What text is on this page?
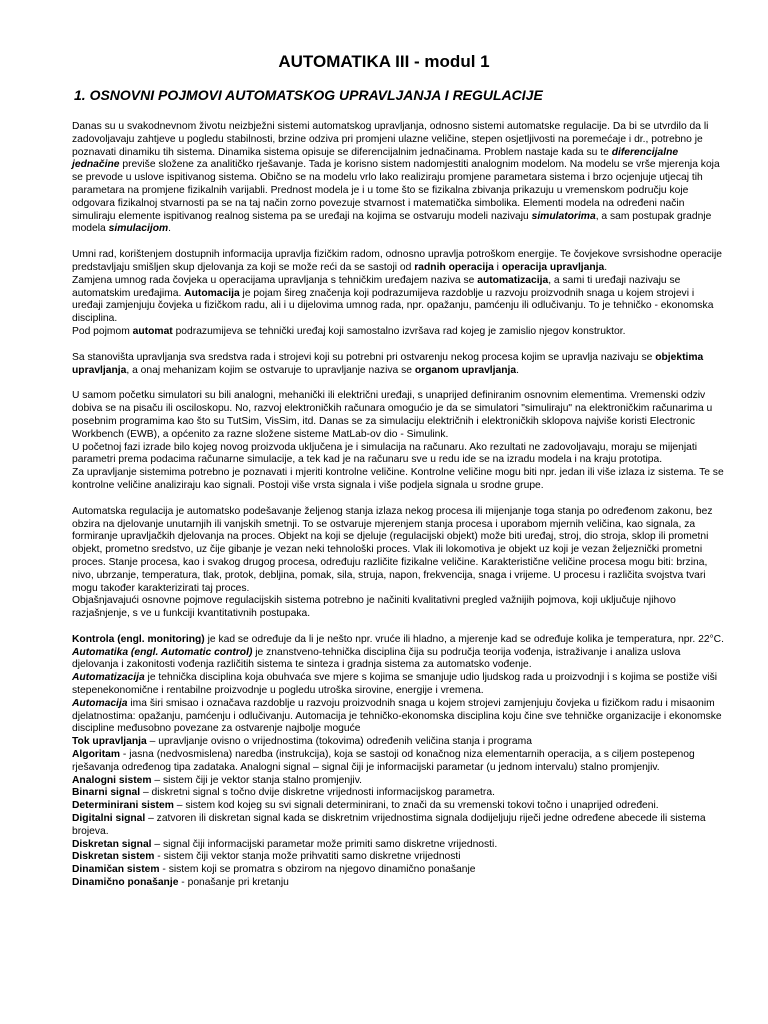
AUTOMATIKA III - modul 1
1. OSNOVNI POJMOVI AUTOMATSKOG UPRAVLJANJA I REGULACIJE

Danas su u svakodnevnom životu neizbježni sistemi automatskog upravljanja, odnosno sistemi automatske regulacije. Da bi se utvrdilo da li zadovoljavaju zahtjeve u pogledu stabilnosti, brzine odziva pri promjeni ulazne veličine, stepen osjetljivosti na poremećaje i dr., potrebno je poznavati dinamiku tih sistema. Dinamika sistema opisuje se diferencijalnim jednačinama. Problem nastaje kada su te diferencijalne jednačine previše složene za analitičko rješavanje. Tada je korisno sistem nadomjestiti analognim modelom. Na modelu se vrše mjerenja koja se prevode u uslove ispitivanog sistema. Obično se na modelu vrlo lako realiziraju promjene parametara sistema i brzo ocjenjuje utjecaj tih parametara na promjene fizikalnih varijabli. Prednost modela je i u tome što se fizikalna zbivanja prikazuju u vremenskom području koje odgovara fizikalnoj stvarnosti pa se na taj način zorno povezuje stvarnost i matematička simbolika. Elementi modela na određeni način simuliraju elemente ispitivanog realnog sistema pa se uređaji na kojima se ostvaruju modeli nazivaju simulatorima, a sam postupak gradnje modela simulacijom.

Umni rad, korištenjem dostupnih informacija upravlja fizičkim radom, odnosno upravlja potroškom energije. Te čovjekove svrsishodne operacije predstavljaju smišljen skup djelovanja za koji se može reći da se sastoji od radnih operacija i operacija upravljanja.

Zamjena umnog rada čovjeka u operacijama upravljanja s tehničkim uređajem naziva se automatizacija, a sami ti uređaji nazivaju se automatskim uređajima. Automacija je pojam šireg značenja koji podrazumijeva razdoblje u razvoju proizvodnih snaga u kojem strojevi i uređaji zamjenjuju čovjeka u fizičkom radu, ali i u dijelovima umnog rada, npr. opažanju, pamćenju ili odlučivanju. To je tehničko - ekonomska disciplina.

Pod pojmom automat podrazumijeva se tehnički uređaj koji samostalno izvršava rad kojeg je zamislio njegov konstruktor.

Sa stanovišta upravljanja sva sredstva rada i strojevi koji su potrebni pri ostvarenju nekog procesa kojim se upravlja nazivaju se objektima upravljanja, a onaj mehanizam kojim se ostvaruje to upravljanje naziva se organom upravljanja.

U samom početku simulatori su bili analogni, mehanički ili električni uređaji, s unapriјed definiranim osnovnim elementima. Vremenski odziv dobiva se na pisaču ili osciloskopu. No, razvoj elektroničkih računara omogućio je da se simulatori "simuliraju" na elektroničkim računarima u posebnim programima kao što su TutSim, VisSim, itd. Danas se za simulaciju električnih i elektroničkih sklopova najviše koristi Electronic Workbench (EWB), a općenito za razne složene sisteme MatLab-ov dio - Simulink.

U početnoj fazi izrade bilo kojeg novog proizvoda uključena je i simulacija na računaru. Ako rezultati ne zadovoljavaju, moraju se mijenjati parametri prema podacima računarne simulacije, a tek kad je na računaru sve u redu ide se na izradu modela i na kraju prototipa.

Za upravljanje sistemima potrebno je poznavati i mjeriti kontrolne veličine. Kontrolne veličine mogu biti npr. jedan ili više izlaza iz sistema. Te se kontrolne veličine analiziraju kao signali. Postoji više vrsta signala i više podjela signala u srodne grupe.

Automatska regulacija je automatsko podešavanje željenog stanja izlaza nekog procesa ili mijenjanje toga stanja po određenom zakonu, bez obzira na djelovanje unutarnjih ili vanjskih smetnji. To se ostvaruje mjerenjem stanja procesa i uporabom mjernih veličina, kao signala, za formiranje upravljačkih djelovanja na proces. Objekt na koji se djeluje (regulacijski objekt) može biti uređaj, stroj, dio stroja, sklop ili prometni objekt, prometno sredstvo, uz čije gibanje je vezan neki tehnološki proces. Vlak ili lokomotiva je objekt uz koji je vezan željeznički prometni proces. Stanje procesa, kao i svakog drugog procesa, određuju različite fizikalne veličine. Karakteristične veličine procesa mogu biti: brzina, nivo, ubrzanje, temperatura, tlak, protok, debljina, pomak, sila, struja, napon, frekvencija, snaga i vrijeme. U procesu i različita svojstva tvari mogu također karakterizirati taj proces.

Objašnjavajući osnovne pojmove regulacijskih sistema potrebno je načiniti kvalitativni pregled važnijih pojmova, koji uključuje njihovo razjašnjenje, s ve u funkciji kvantitativnih postupaka.

Kontrola (engl. monitoring) je kad se određuje da li je nešto npr. vruće ili hladno, a mjerenje kad se određuje kolika je temperatura, npr. 22°C.

Automatika (engl. Automatic control) je znanstveno-tehnička disciplina čija su područja teorija vođenja, istraživanje i analiza uslova djelovanja i zakonitosti vođenja različitih sistema te sinteza i gradnja sistema za automatsko vođenje.

Automatizacija je tehnička disciplina koja obuhvaća sve mjere s kojima se smanjuje udio ljudskog rada u proizvodnji i s kojima se postiže viši stepenekonomične i rentabilne proizvodnje u pogledu utroška sirovine, energije i vremena.

Automacija ima širi smisao i označava razdoblje u razvoju proizvodnih snaga u kojem strojevi zamjenjuju čovjeka u fizičkom radu i misaonim djelatnostima: opažanju, pamćenju i odlučivanju. Automacija je tehničko-ekonomska disciplina koju čine sve tehničke organizacije i ekonomske discipline međusobno povezane za ostvarenje najbolje moguće

Tok upravljanja – upravljanje ovisno o vrijednostima (tokovima) određenih veličina stanja i programa

Algoritam - jasna (nedvosmislena) naredba (instrukcija), koja se sastoji od konačnog niza elementarnih operacija, a s ciljem postepenog rješavanja određenog tipa zadataka. Analogni signal – signal čiji je informacijski parametar (u jednom intervalu) stalno promjenjiv.

Analogni sistem – sistem čiji je vektor stanja stalno promjenjiv.

Binarni signal – diskretni signal s točno dvije diskretne vrijednosti informacijskog parametra.

Determinirani sistem – sistem kod kojeg su svi signali determinirani, to znači da su vremenski tokovi točno i unaprijed određeni.

Digitalni signal – zatvoren ili diskretan signal kada se diskretnim vrijednostima signala dodijeljuju riječi jedne određene abecede ili sistema brojeva.

Diskretan signal – signal čiji informacijski parametar može primiti samo diskretne vrijednosti.

Diskretan sistem - sistem čiji vektor stanja može prihvatiti samo diskretne vrijednosti

Dinamičan sistem - sistem koji se promatra s obzirom na njegovo dinamično ponašanje

Dinamično ponašanje - ponašanje pri kretanju
